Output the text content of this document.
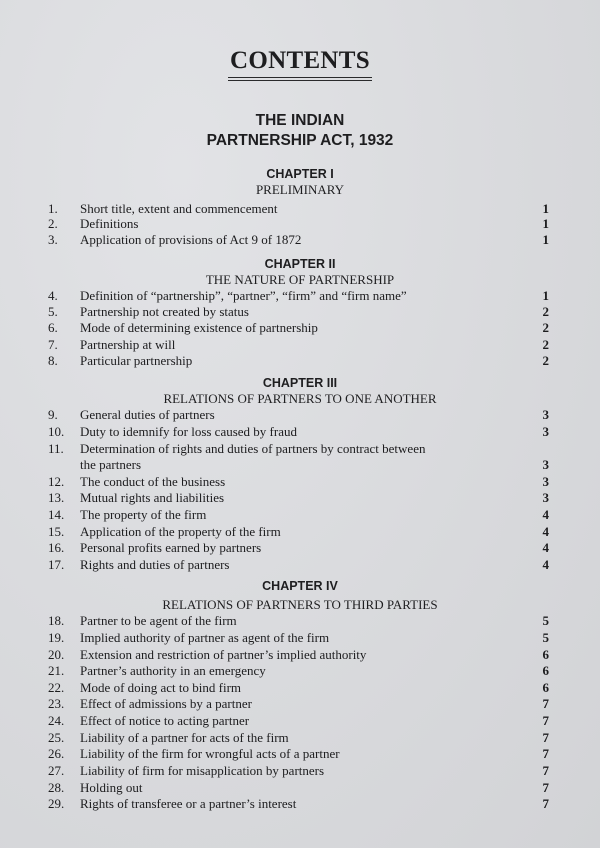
CONTENTS
THE INDIAN
PARTNERSHIP ACT, 1932
CHAPTER I
PRELIMINARY
1. Short title, extent and commencement	1
2. Definitions	1
3. Application of provisions of Act 9 of 1872	1
CHAPTER II
THE NATURE OF PARTNERSHIP
4. Definition of “partnership”, “partner”, “firm” and “firm name”	1
5. Partnership not created by status	2
6. Mode of determining existence of partnership	2
7. Partnership at will	2
8. Particular partnership	2
CHAPTER III
RELATIONS OF PARTNERS TO ONE ANOTHER
9. General duties of partners	3
10. Duty to idemnify for loss caused by fraud	3
11. Determination of rights and duties of partners by contract between
the partners	3
12. The conduct of the business	3
13. Mutual rights and liabilities	3
14. The property of the firm	4
15. Application of the property of the firm	4
16. Personal profits earned by partners	4
17. Rights and duties of partners	4
CHAPTER IV
RELATIONS OF PARTNERS TO THIRD PARTIES
18. Partner to be agent of the firm	5
19. Implied authority of partner as agent of the firm	5
20. Extension and restriction of partner’s implied authority	6
21. Partner’s authority in an emergency	6
22. Mode of doing act to bind firm	6
23. Effect of admissions by a partner	7
24. Effect of notice to acting partner	7
25. Liability of a partner for acts of the firm	7
26. Liability of the firm for wrongful acts of a partner	7
27. Liability of firm for misapplication by partners	7
28. Holding out	7
29. Rights of transferee or a partner’s interest	7
